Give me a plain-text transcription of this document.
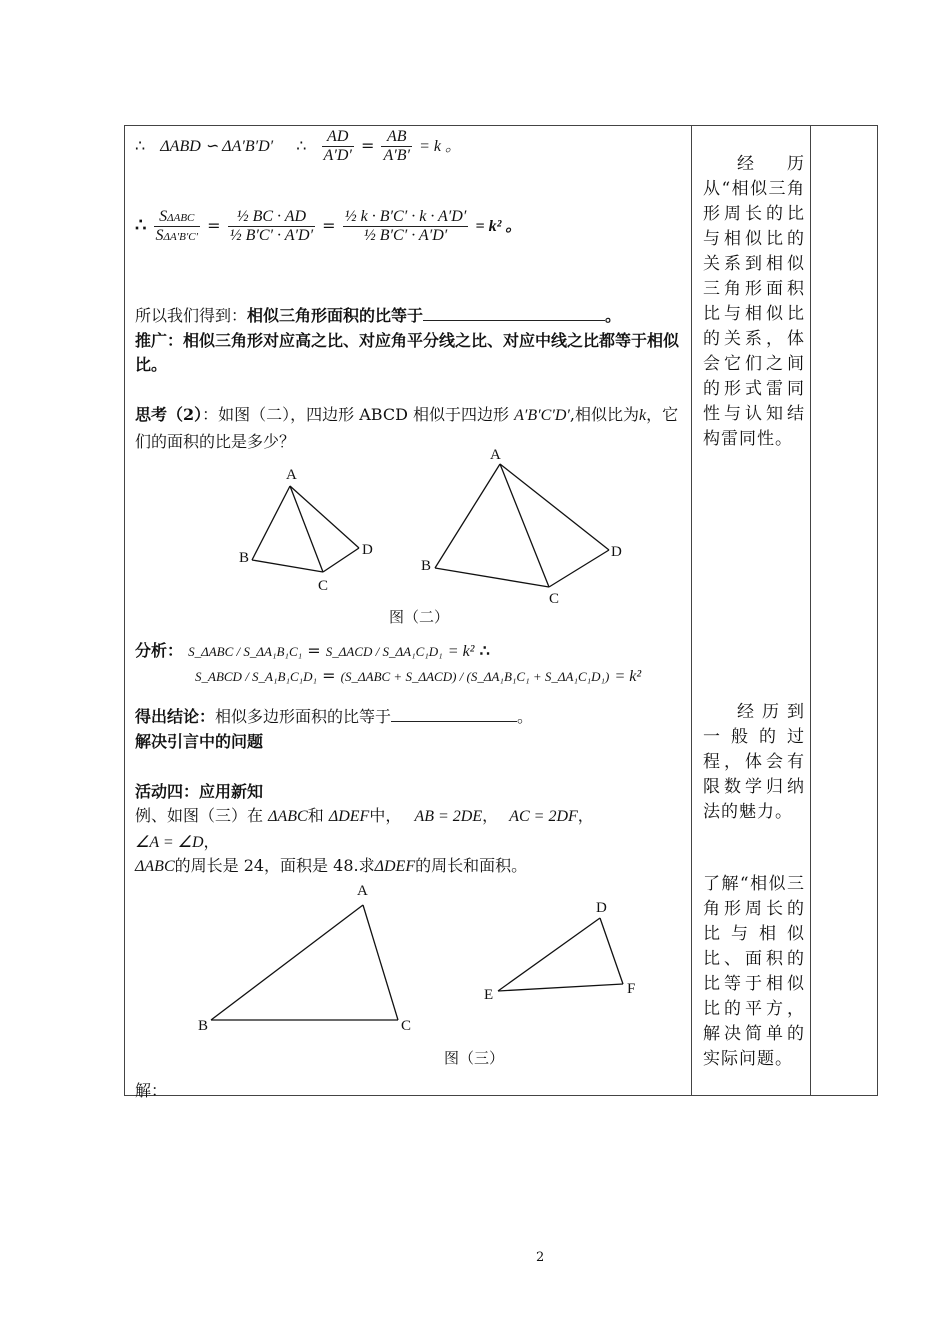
∴ ΔABD ∽ ΔA′B′D′ ∴ $\frac{AD}{A'D'} = \frac{AB}{A'B'} = k$ 。
∴ $\frac{\text{SΔABC}}{\text{SΔA′B′C′}} = \frac{\text{½ BC · AD}}{\text{½ B′C′ · A′D′}} = \frac{\text{½ k · B′C′ · k · A′D′}}{\text{½ B′C′ · A′D′}} = k^2$ 。
所以我们得到：相似三角形面积的比等于	。
推广：相似三角形对应高之比、对应角平分线之比、对应中线之比都等于相似比。
思考（2）：如图（二），四边形 ABCD 相似于四边形 A′B′C′D′,相似比为k，它们的面积的比是多少？
A
B
C
D
A
B
C
D
图（二）
分析： S_ΔABC / S_ΔA₁B₁C₁ = S_ΔACD / S_ΔA₁C₁D₁ = k² ∴
S_ABCD / S_A₁B₁C₁D₁ = (S_ΔABC + S_ΔACD) / (S_ΔA₁B₁C₁ + S_ΔA₁C₁D₁) = k²
得出结论：相似多边形面积的比等于	。
解决引言中的问题
活动四：应用新知
例、如图（三）在 ΔABC和 ΔDEF中， AB = 2DE， AC = 2DF，
∠A = ∠D，
ΔABC的周长是 24，面积是 48.求ΔDEF的周长和面积。
A
B	C
D
E	F
图（三）
解：
经历从“相似三角形周长的比与相似比的关系到相似三角形面积比与相似比的关系，体会它们之间的形式雷同性与认知结构雷同性。
经历到一般的过程，体会有限数学归纳法的魅力。
了解“相似三角形周长的比与相似比、面积的比等于相似比的平方，解决简单的实际问题。
2
